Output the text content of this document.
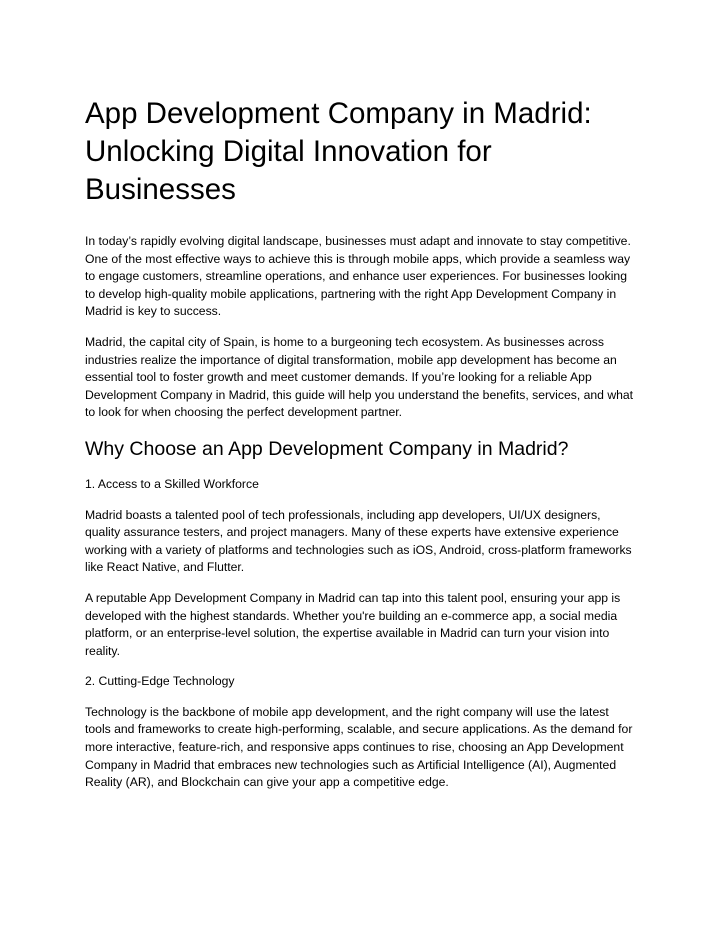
App Development Company in Madrid: Unlocking Digital Innovation for Businesses

In today’s rapidly evolving digital landscape, businesses must adapt and innovate to stay competitive. One of the most effective ways to achieve this is through mobile apps, which provide a seamless way to engage customers, streamline operations, and enhance user experiences. For businesses looking to develop high-quality mobile applications, partnering with the right App Development Company in Madrid is key to success.

Madrid, the capital city of Spain, is home to a burgeoning tech ecosystem. As businesses across industries realize the importance of digital transformation, mobile app development has become an essential tool to foster growth and meet customer demands. If you’re looking for a reliable App Development Company in Madrid, this guide will help you understand the benefits, services, and what to look for when choosing the perfect development partner.

Why Choose an App Development Company in Madrid?

1. Access to a Skilled Workforce

Madrid boasts a talented pool of tech professionals, including app developers, UI/UX designers, quality assurance testers, and project managers. Many of these experts have extensive experience working with a variety of platforms and technologies such as iOS, Android, cross-platform frameworks like React Native, and Flutter.

A reputable App Development Company in Madrid can tap into this talent pool, ensuring your app is developed with the highest standards. Whether you're building an e-commerce app, a social media platform, or an enterprise-level solution, the expertise available in Madrid can turn your vision into reality.

2. Cutting-Edge Technology

Technology is the backbone of mobile app development, and the right company will use the latest tools and frameworks to create high-performing, scalable, and secure applications. As the demand for more interactive, feature-rich, and responsive apps continues to rise, choosing an App Development Company in Madrid that embraces new technologies such as Artificial Intelligence (AI), Augmented Reality (AR), and Blockchain can give your app a competitive edge.
